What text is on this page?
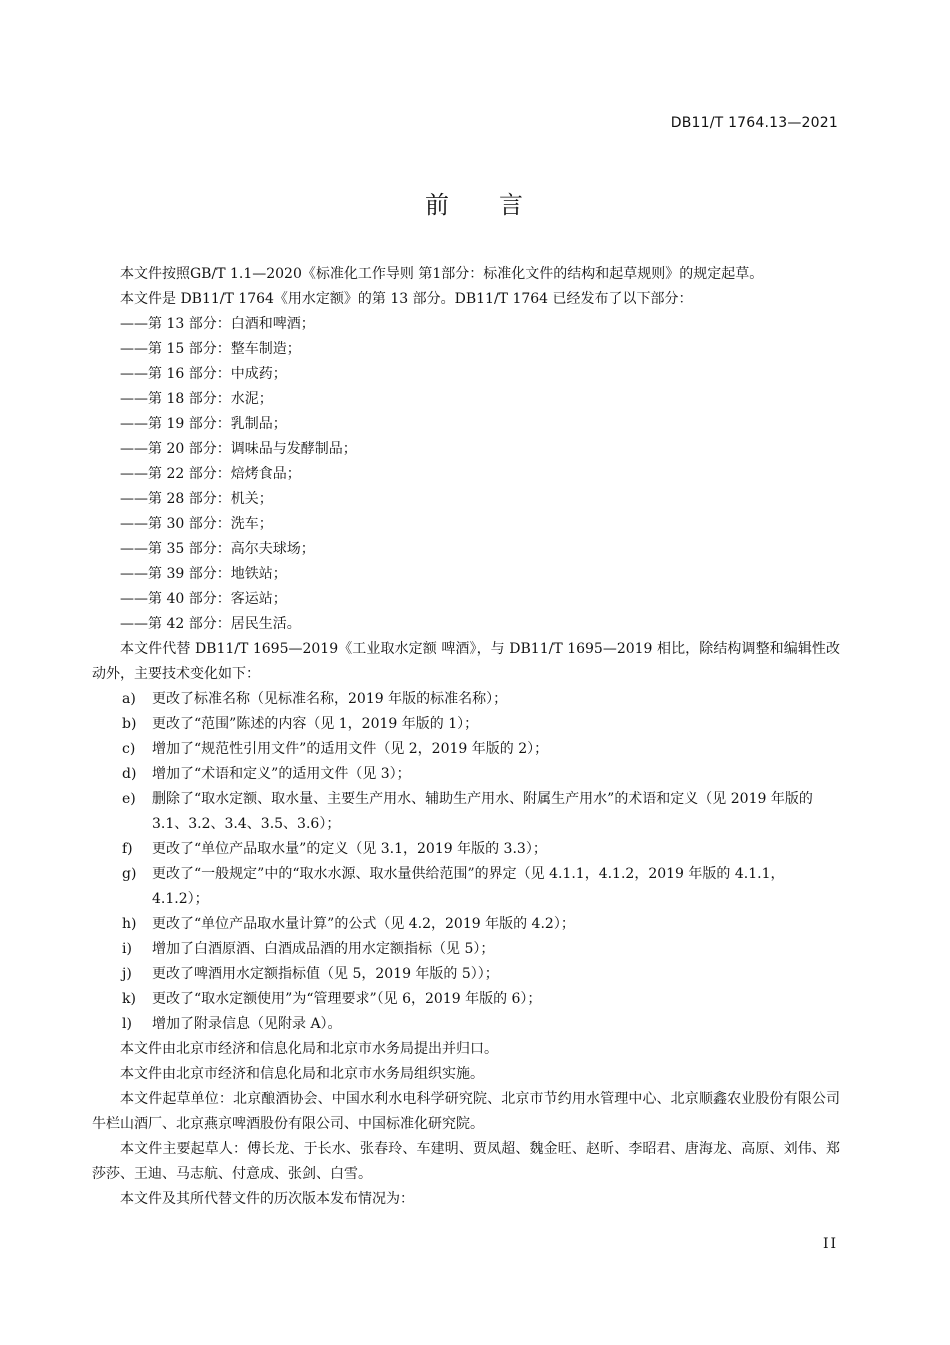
DB11/T 1764.13—2021
前 言

本文件按照GB/T 1.1—2020《标准化工作导则 第1部分：标准化文件的结构和起草规则》的规定起草。

本文件是 DB11/T 1764《用水定额》的第 13 部分。DB11/T 1764 已经发布了以下部分：

——第 13 部分：白酒和啤酒；

——第 15 部分：整车制造；

——第 16 部分：中成药；

——第 18 部分：水泥；

——第 19 部分：乳制品；

——第 20 部分：调味品与发酵制品；

——第 22 部分：焙烤食品；

——第 28 部分：机关；

——第 30 部分：洗车；

——第 35 部分：高尔夫球场；

——第 39 部分：地铁站；

——第 40 部分：客运站；

——第 42 部分：居民生活。

本文件代替 DB11/T 1695—2019《工业取水定额 啤酒》，与 DB11/T 1695—2019 相比，除结构调整和编辑性改动外，主要技术变化如下：

a) 更改了标准名称（见标准名称，2019 年版的标准名称）；
b) 更改了“范围”陈述的内容（见 1，2019 年版的 1）；
c) 增加了“规范性引用文件”的适用文件（见 2，2019 年版的 2）；
d) 增加了“术语和定义”的适用文件（见 3）；
e) 删除了“取水定额、取水量、主要生产用水、辅助生产用水、附属生产用水”的术语和定义（见 2019 年版的 3.1、3.2、3.4、3.5、3.6）；
f) 更改了“单位产品取水量”的定义（见 3.1，2019 年版的 3.3）；
g) 更改了“一般规定”中的“取水水源、取水量供给范围”的界定（见 4.1.1，4.1.2，2019 年版的 4.1.1，4.1.2）；
h) 更改了“单位产品取水量计算”的公式（见 4.2，2019 年版的 4.2）；
i) 增加了白酒原酒、白酒成品酒的用水定额指标（见 5）；
j) 更改了啤酒用水定额指标值（见 5，2019 年版的 5））；
k) 更改了“取水定额使用”为“管理要求”（见 6，2019 年版的 6）；
l) 增加了附录信息（见附录 A）。

本文件由北京市经济和信息化局和北京市水务局提出并归口。

本文件由北京市经济和信息化局和北京市水务局组织实施。

本文件起草单位：北京酿酒协会、中国水利水电科学研究院、北京市节约用水管理中心、北京顺鑫农业股份有限公司牛栏山酒厂、北京燕京啤酒股份有限公司、中国标准化研究院。

本文件主要起草人：傅长龙、于长水、张春玲、车建明、贾凤超、魏金旺、赵昕、李昭君、唐海龙、高原、刘伟、郑莎莎、王迪、马志航、付意成、张剑、白雪。

本文件及其所代替文件的历次版本发布情况为：

II
